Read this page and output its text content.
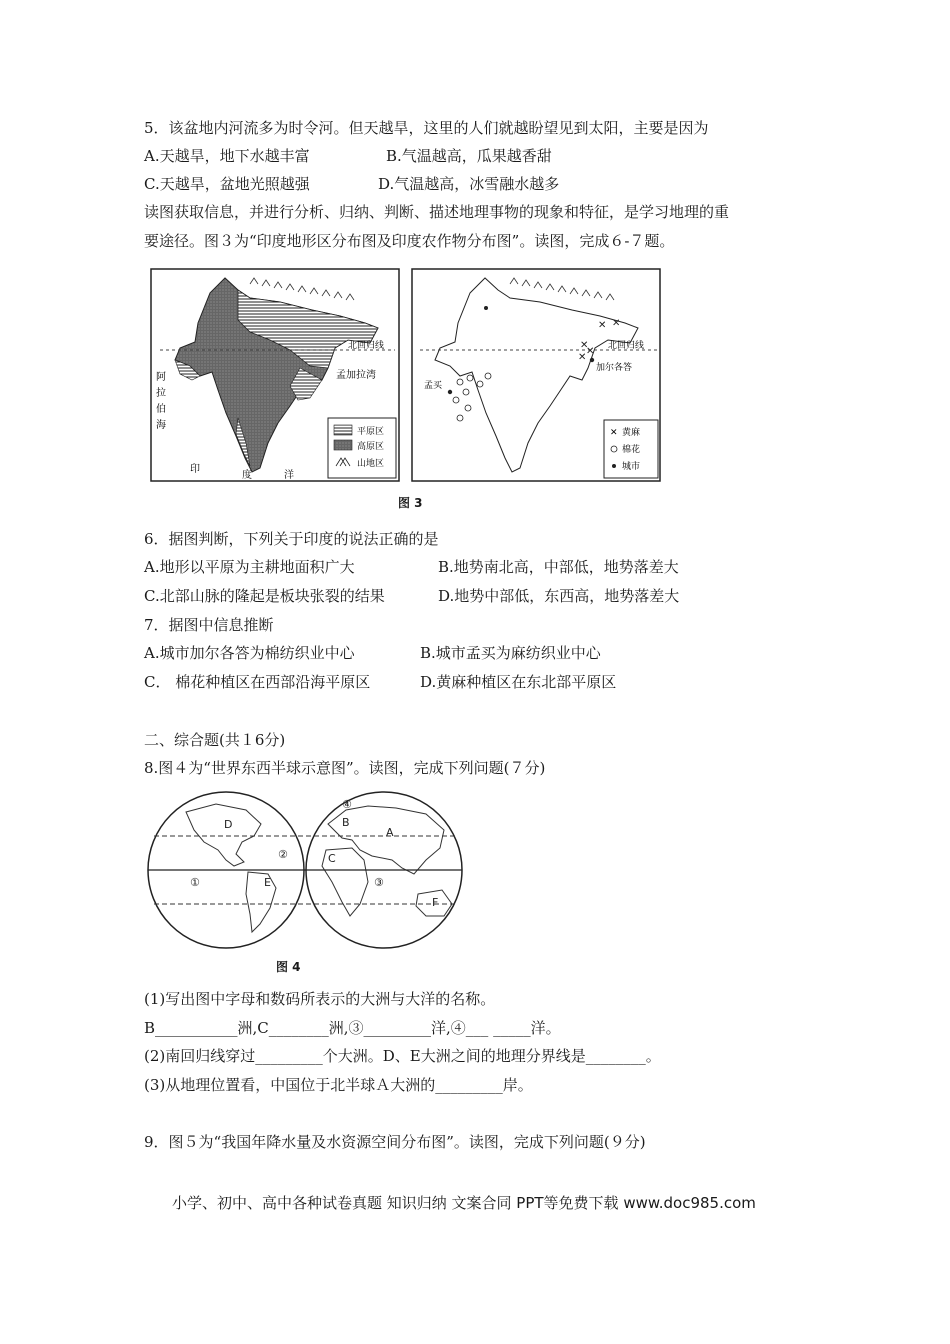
5．该盆地内河流多为时令河。但天越旱，这里的人们就越盼望见到太阳，主要是因为
A.天越旱，地下水越丰富	B.气温越高，瓜果越香甜
C.天越旱，盆地光照越强	D.气温越高，冰雪融水越多
读图获取信息，并进行分析、归纳、判断、描述地理事物的现象和特征，是学习地理的重
要途径。图３为“印度地形区分布图及印度农作物分布图”。读图，完成６-７题。
北回归线
孟加拉湾
阿
拉
伯
海
印
度	洋
平原区
高原区
山地区
北回归线
✕
✕
✕
✕ ✕
加尔各答
孟买
✕ 黄麻
棉花
城市
图 3
6．据图判断，下列关于印度的说法正确的是
A.地形以平原为主耕地面积广大	B.地势南北高，中部低，地势落差大
C.北部山脉的隆起是板块张裂的结果	D.地势中部低，东西高，地势落差大
7．据图中信息推断
A.城市加尔各答为棉纺织业中心	B.城市孟买为麻纺织业中心
C． 棉花种植区在西部沿海平原区	D.黄麻种植区在东北部平原区
二、综合题(共１6分)
8.图４为“世界东西半球示意图”。读图，完成下列问题(７分)
D
②
①	E
④
B
A
C
③
F
图 4
(1)写出图中字母和数码所表示的大洲与大洋的名称。
B___________洲,C________洲,③_________洋,④___ _____洋。
(2)南回归线穿过_________个大洲。D、E大洲之间的地理分界线是________。
(3)从地理位置看，中国位于北半球Ａ大洲的_________岸。
9．图５为“我国年降水量及水资源空间分布图”。读图，完成下列问题(９分)
小学、初中、高中各种试卷真题 知识归纳 文案合同 PPT等免费下载 www.doc985.com
